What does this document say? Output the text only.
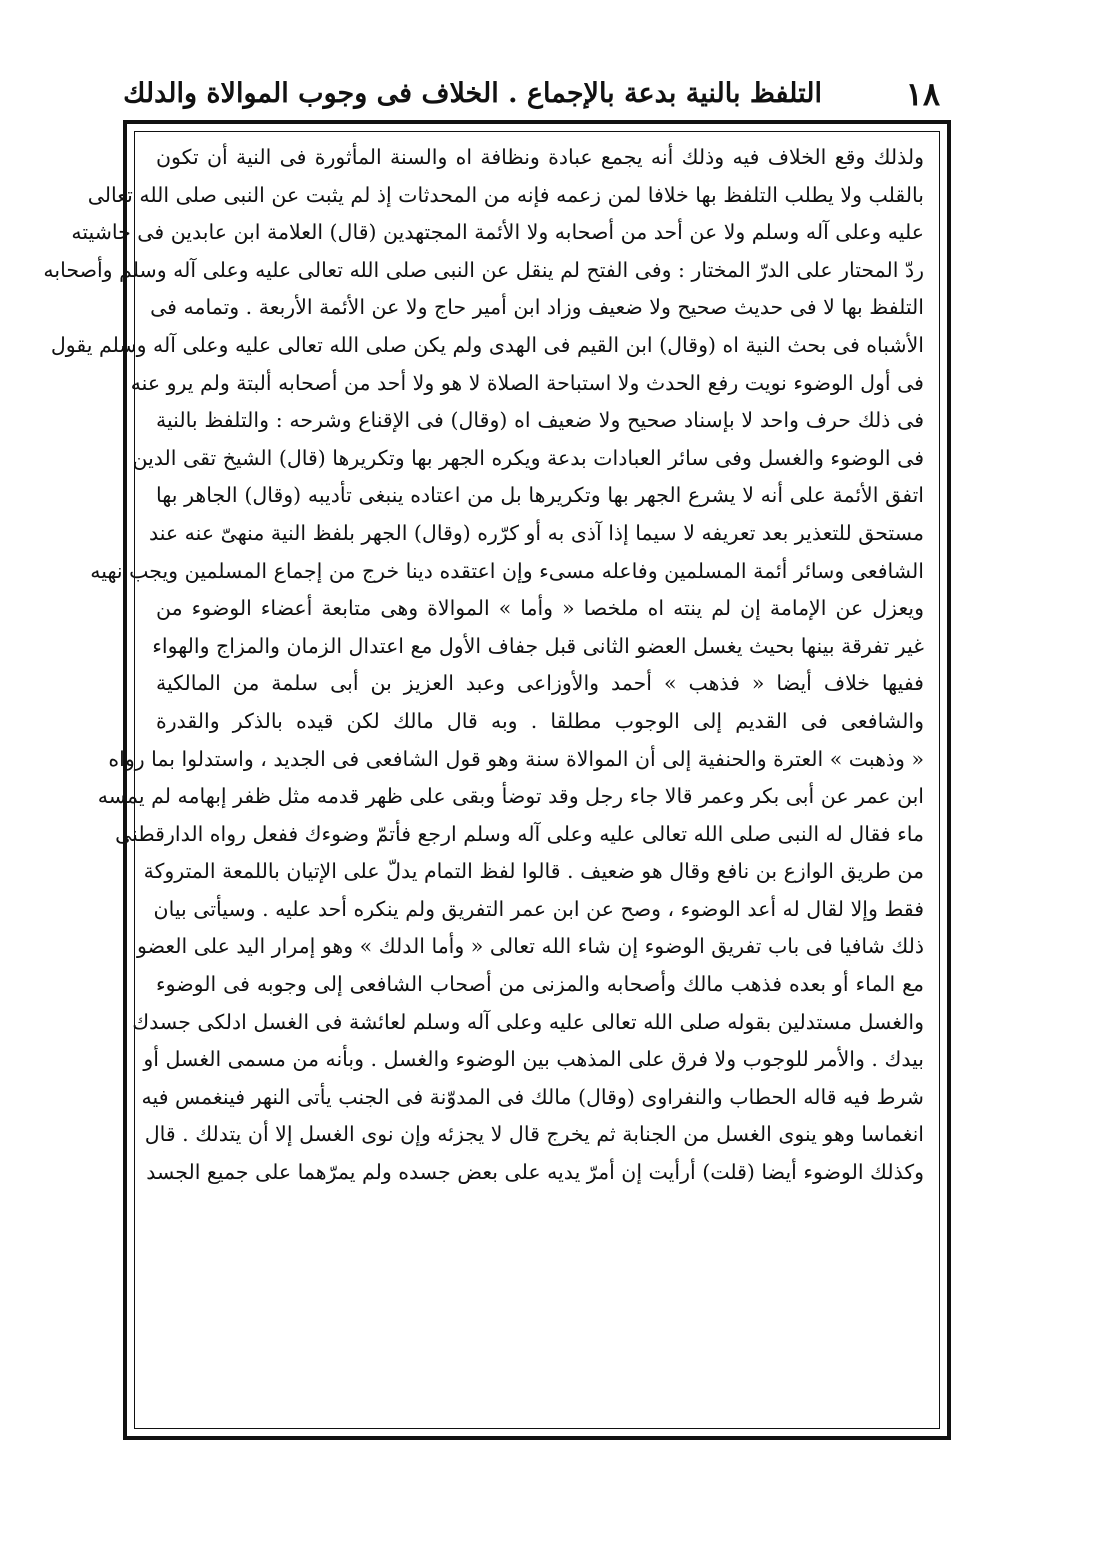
١٨
التلفظ بالنية بدعة بالإجماع . الخلاف فى وجوب الموالاة والدلك
ولذلك وقع الخلاف فيه وذلك أنه يجمع عبادة ونظافة اه والسنة المأثورة فى النية أن تكون
بالقلب ولا يطلب التلفظ بها خلافا لمن زعمه فإنه من المحدثات إذ لم يثبت عن النبى صلى الله تعالى
عليه وعلى آله وسلم ولا عن أحد من أصحابه ولا الأئمة المجتهدين (قال) العلامة ابن عابدين فى حاشيته
ردّ المحتار على الدرّ المختار : وفى الفتح لم ينقل عن النبى صلى الله تعالى عليه وعلى آله وسلم وأصحابه
التلفظ بها لا فى حديث صحيح ولا ضعيف وزاد ابن أمير حاج ولا عن الأئمة الأربعة . وتمامه فى
الأشباه فى بحث النية اه (وقال) ابن القيم فى الهدى ولم يكن صلى الله تعالى عليه وعلى آله وسلم يقول
فى أول الوضوء نويت رفع الحدث ولا استباحة الصلاة لا هو ولا أحد من أصحابه ألبتة ولم يرو عنه
فى ذلك حرف واحد لا بإسناد صحيح ولا ضعيف اه (وقال) فى الإقناع وشرحه : والتلفظ بالنية
فى الوضوء والغسل وفى سائر العبادات بدعة ويكره الجهر بها وتكريرها (قال) الشيخ تقى الدين
اتفق الأئمة على أنه لا يشرع الجهر بها وتكريرها بل من اعتاده ينبغى تأديبه (وقال) الجاهر بها
مستحق للتعذير بعد تعريفه لا سيما إذا آذى به أو كرّره (وقال) الجهر بلفظ النية منهىّ عنه عند
الشافعى وسائر أئمة المسلمين وفاعله مسىء وإن اعتقده دينا خرج من إجماع المسلمين ويجب نهيه
ويعزل عن الإمامة إن لم ينته اه ملخصا « وأما » الموالاة وهى متابعة أعضاء الوضوء من
غير تفرقة بينها بحيث يغسل العضو الثانى قبل جفاف الأول مع اعتدال الزمان والمزاج والهواء
ففيها خلاف أيضا « فذهب » أحمد والأوزاعى وعبد العزيز بن أبى سلمة من المالكية
والشافعى فى القديم إلى الوجوب مطلقا . وبه قال مالك لكن قيده بالذكر والقدرة
« وذهبت » العترة والحنفية إلى أن الموالاة سنة وهو قول الشافعى فى الجديد ، واستدلوا بما رواه
ابن عمر عن أبى بكر وعمر قالا جاء رجل وقد توضأ وبقى على ظهر قدمه مثل ظفر إبهامه لم يمسه
ماء فقال له النبى صلى الله تعالى عليه وعلى آله وسلم ارجع فأتمّ وضوءك ففعل رواه الدارقطنى
من طريق الوازع بن نافع وقال هو ضعيف . قالوا لفظ التمام يدلّ على الإتيان باللمعة المتروكة
فقط وإلا لقال له أعد الوضوء ، وصح عن ابن عمر التفريق ولم ينكره أحد عليه . وسيأتى بيان
ذلك شافيا فى باب تفريق الوضوء إن شاء الله تعالى « وأما الدلك » وهو إمرار اليد على العضو
مع الماء أو بعده فذهب مالك وأصحابه والمزنى من أصحاب الشافعى إلى وجوبه فى الوضوء
والغسل مستدلين بقوله صلى الله تعالى عليه وعلى آله وسلم لعائشة فى الغسل ادلكى جسدك
بيدك . والأمر للوجوب ولا فرق على المذهب بين الوضوء والغسل . وبأنه من مسمى الغسل أو
شرط فيه قاله الحطاب والنفراوى (وقال) مالك فى المدوّنة فى الجنب يأتى النهر فينغمس فيه
انغماسا وهو ينوى الغسل من الجنابة ثم يخرج قال لا يجزئه وإن نوى الغسل إلا أن يتدلك . قال
وكذلك الوضوء أيضا (قلت) أرأيت إن أمرّ يديه على بعض جسده ولم يمرّهما على جميع الجسد
